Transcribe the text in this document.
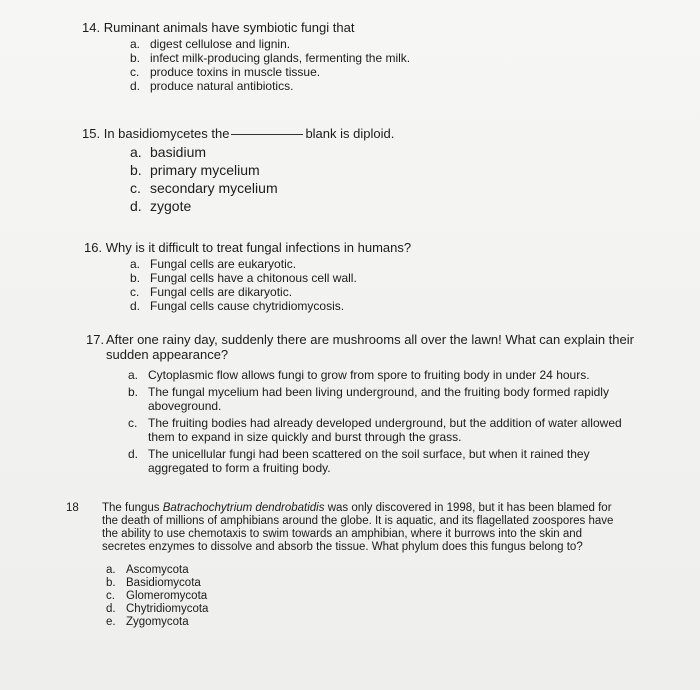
14. Ruminant animals have symbiotic fungi that

a. digest cellulose and lignin.
b. infect milk-producing glands, fermenting the milk.
c. produce toxins in muscle tissue.
d. produce natural antibiotics.

15. In basidiomycetes the	blank is diploid.

a. basidium
b. primary mycelium
c. secondary mycelium
d. zygote

16. Why is it difficult to treat fungal infections in humans?

a. Fungal cells are eukaryotic.
b. Fungal cells have a chitonous cell wall.
c. Fungal cells are dikaryotic.
d. Fungal cells cause chytridiomycosis.

17. After one rainy day, suddenly there are mushrooms all over the lawn! What can explain their sudden appearance?

a. Cytoplasmic flow allows fungi to grow from spore to fruiting body in under 24 hours.
b. The fungal mycelium had been living underground, and the fruiting body formed rapidly aboveground.
c. The fruiting bodies had already developed underground, but the addition of water allowed them to expand in size quickly and burst through the grass.
d. The unicellular fungi had been scattered on the soil surface, but when it rained they aggregated to form a fruiting body.

18	The fungus Batrachochytrium dendrobatidis was only discovered in 1998, but it has been blamed for the death of millions of amphibians around the globe. It is aquatic, and its flagellated zoospores have the ability to use chemotaxis to swim towards an amphibian, where it burrows into the skin and secretes enzymes to dissolve and absorb the tissue. What phylum does this fungus belong to?

a. Ascomycota
b. Basidiomycota
c. Glomeromycota
d. Chytridiomycota
e. Zygomycota
